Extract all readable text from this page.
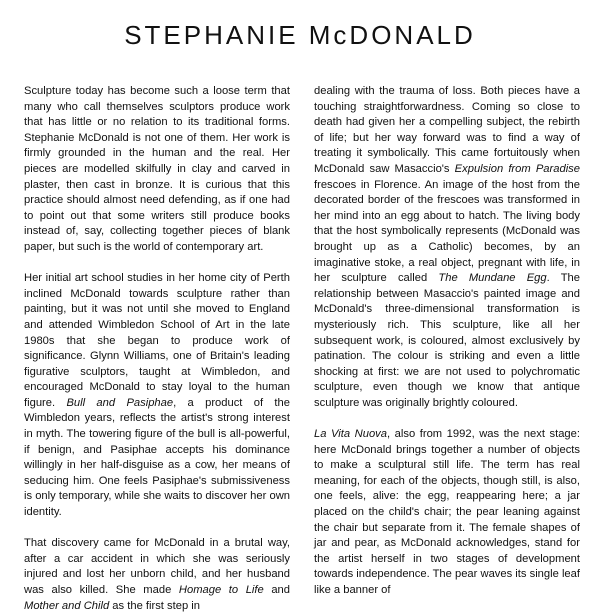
STEPHANIE McDONALD

Sculpture today has become such a loose term that many who call themselves sculptors produce work that has little or no relation to its traditional forms. Stephanie McDonald is not one of them. Her work is firmly grounded in the human and the real. Her pieces are modelled skilfully in clay and carved in plaster, then cast in bronze. It is curious that this practice should almost need defending, as if one had to point out that some writers still produce books instead of, say, collecting together pieces of blank paper, but such is the world of contemporary art.

Her initial art school studies in her home city of Perth inclined McDonald towards sculpture rather than painting, but it was not until she moved to England and attended Wimbledon School of Art in the late 1980s that she began to produce work of significance. Glynn Williams, one of Britain's leading figurative sculptors, taught at Wimbledon, and encouraged McDonald to stay loyal to the human figure. Bull and Pasiphae, a product of the Wimbledon years, reflects the artist's strong interest in myth. The towering figure of the bull is all-powerful, if benign, and Pasiphae accepts his dominance willingly in her half-disguise as a cow, her means of seducing him. One feels Pasiphae's submissiveness is only temporary, while she waits to discover her own identity.

That discovery came for McDonald in a brutal way, after a car accident in which she was seriously injured and lost her unborn child, and her husband was also killed. She made Homage to Life and Mother and Child as the first step in

dealing with the trauma of loss. Both pieces have a touching straightforwardness. Coming so close to death had given her a compelling subject, the rebirth of life; but her way forward was to find a way of treating it symbolically. This came fortuitously when McDonald saw Masaccio's Expulsion from Paradise frescoes in Florence. An image of the host from the decorated border of the frescoes was transformed in her mind into an egg about to hatch. The living body that the host symbolically represents (McDonald was brought up as a Catholic) becomes, by an imaginative stoke, a real object, pregnant with life, in her sculpture called The Mundane Egg. The relationship between Masaccio's painted image and McDonald's three-dimensional transformation is mysteriously rich. This sculpture, like all her subsequent work, is coloured, almost exclusively by patination. The colour is striking and even a little shocking at first: we are not used to polychromatic sculpture, even though we know that antique sculpture was originally brightly coloured.

La Vita Nuova, also from 1992, was the next stage: here McDonald brings together a number of objects to make a sculptural still life. The term has real meaning, for each of the objects, though still, is also, one feels, alive: the egg, reappearing here; a jar placed on the child's chair; the pear leaning against the chair but separate from it. The female shapes of jar and pear, as McDonald acknowledges, stand for the artist herself in two stages of development towards independence. The pear waves its single leaf like a banner of
